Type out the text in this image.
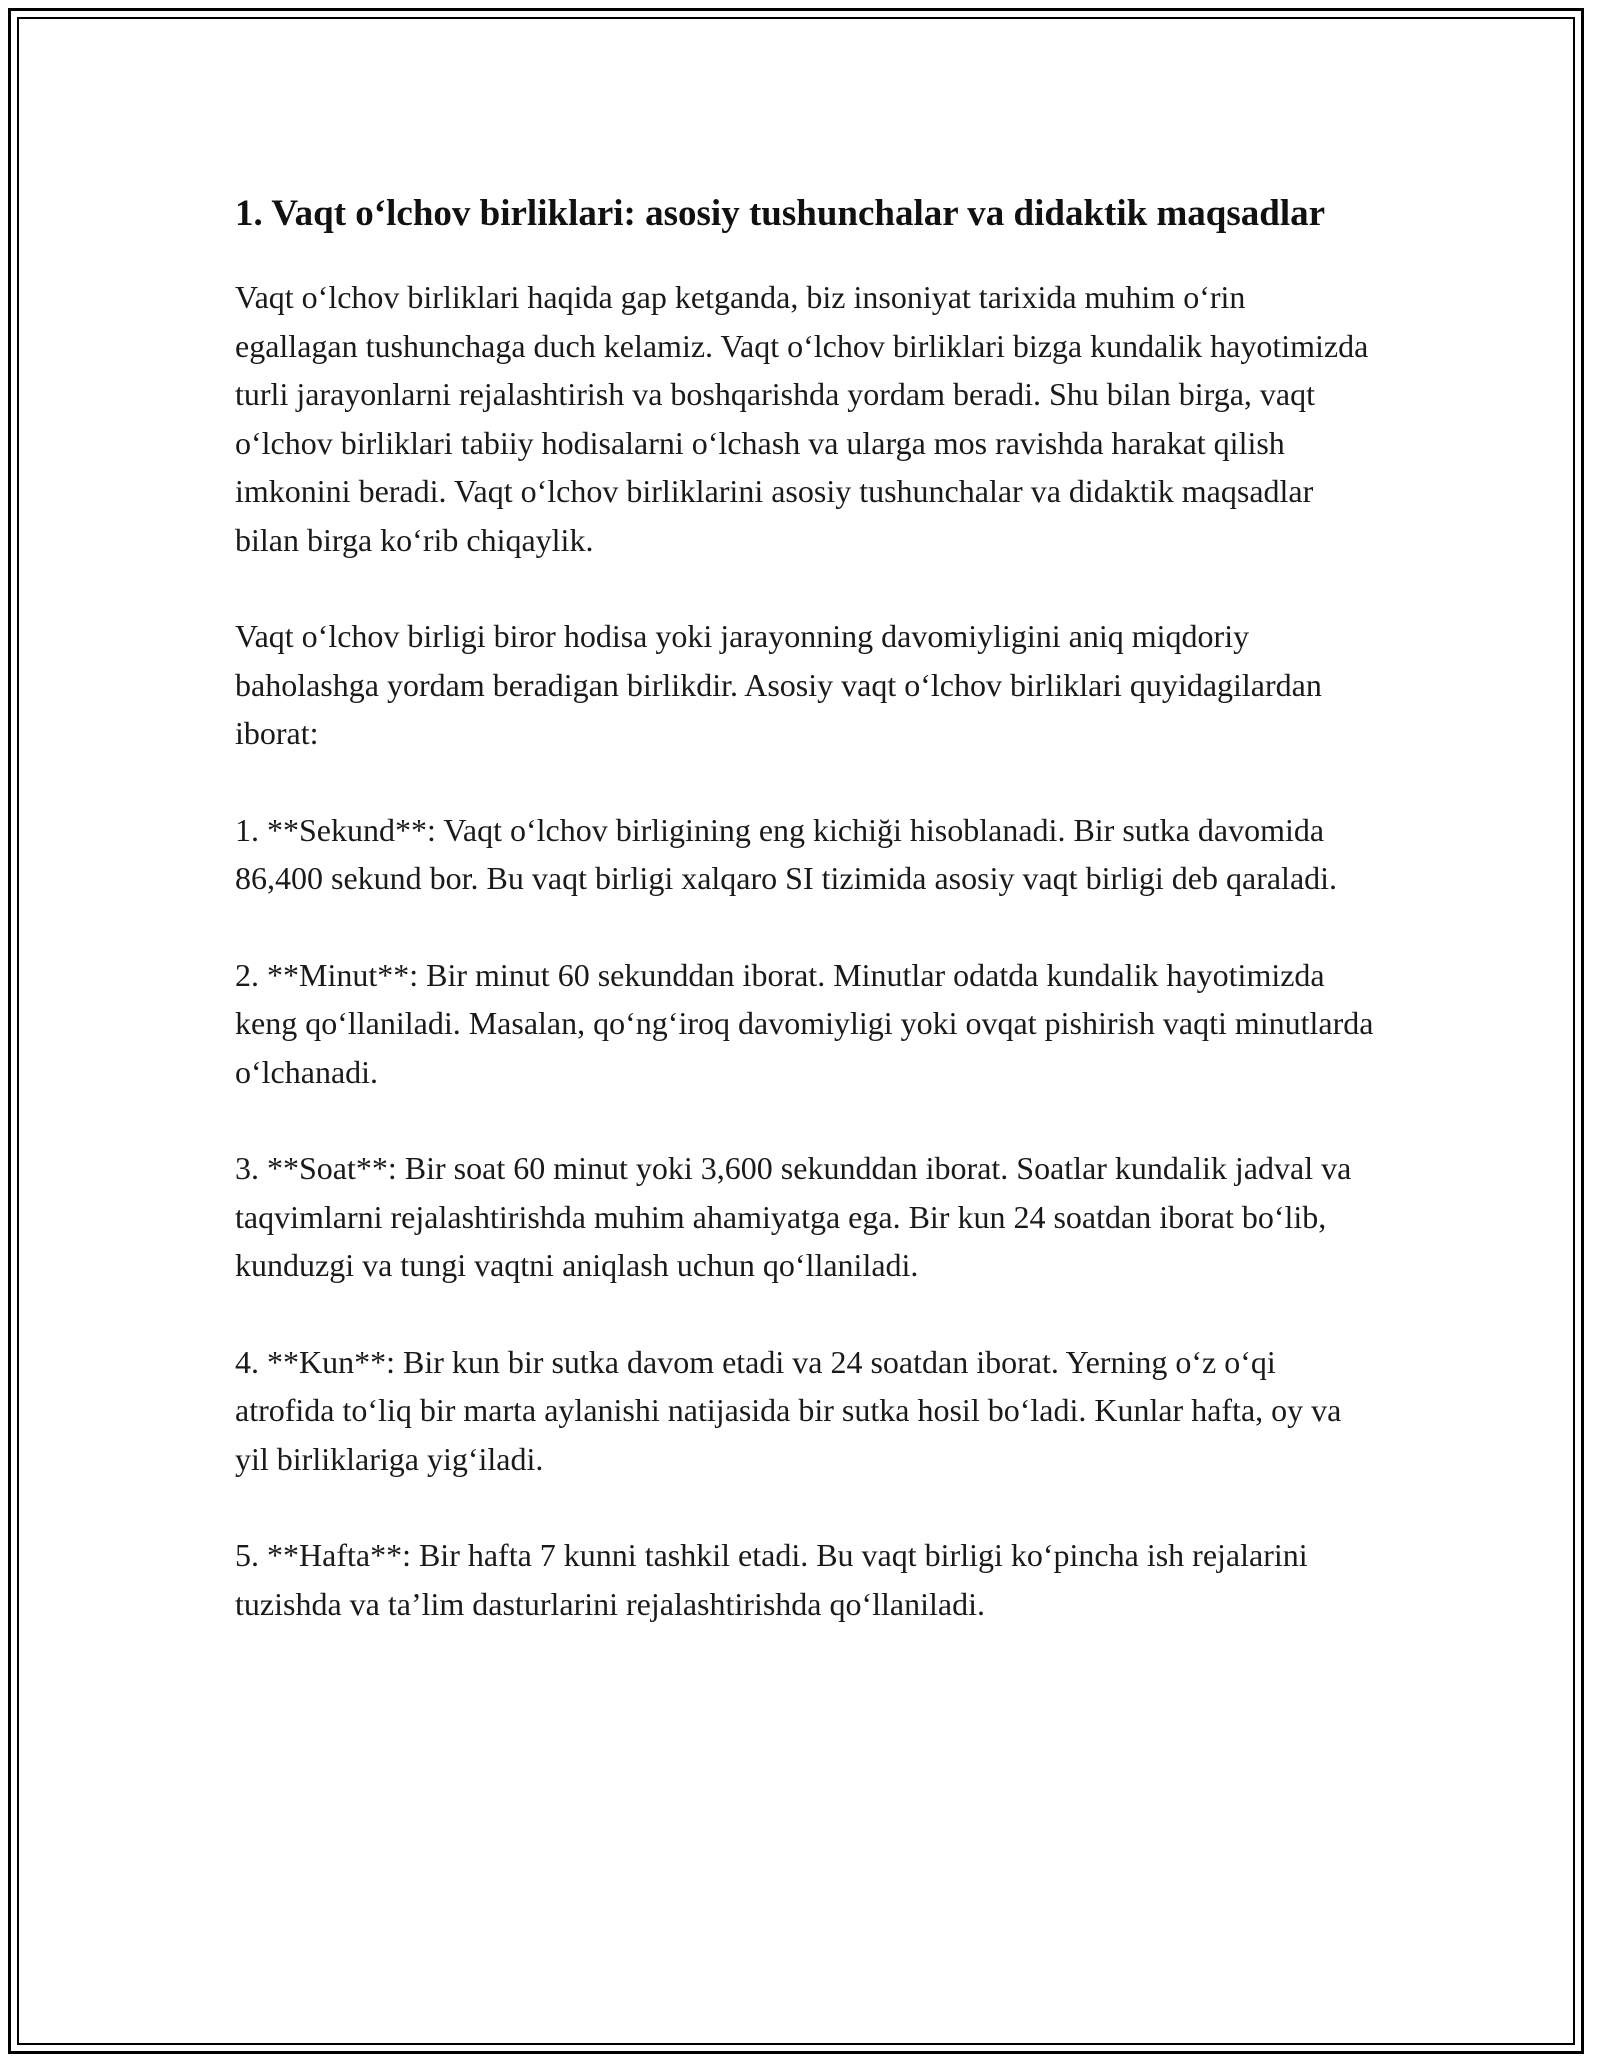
1. Vaqt o‘lchov birliklari: asosiy tushunchalar va didaktik maqsadlar

Vaqt o‘lchov birliklari haqida gap ketganda, biz insoniyat tarixida muhim o‘rin egallagan tushunchaga duch kelamiz. Vaqt o‘lchov birliklari bizga kundalik hayotimizda turli jarayonlarni rejalashtirish va boshqarishda yordam beradi. Shu bilan birga, vaqt o‘lchov birliklari tabiiy hodisalarni o‘lchash va ularga mos ravishda harakat qilish imkonini beradi. Vaqt o‘lchov birliklarini asosiy tushunchalar va didaktik maqsadlar bilan birga ko‘rib chiqaylik.

Vaqt o‘lchov birligi biror hodisa yoki jarayonning davomiyligini aniq miqdoriy baholashga yordam beradigan birlikdir. Asosiy vaqt o‘lchov birliklari quyidagilardan iborat:

1. **Sekund**: Vaqt o‘lchov birligining eng kichiği hisoblanadi. Bir sutka davomida 86,400 sekund bor. Bu vaqt birligi xalqaro SI tizimida asosiy vaqt birligi deb qaraladi.

2. **Minut**: Bir minut 60 sekunddan iborat. Minutlar odatda kundalik hayotimizda keng qo‘llaniladi. Masalan, qo‘ng‘iroq davomiyligi yoki ovqat pishirish vaqti minutlarda o‘lchanadi.

3. **Soat**: Bir soat 60 minut yoki 3,600 sekunddan iborat. Soatlar kundalik jadval va taqvimlarni rejalashtirishda muhim ahamiyatga ega. Bir kun 24 soatdan iborat bo‘lib, kunduzgi va tungi vaqtni aniqlash uchun qo‘llaniladi.

4. **Kun**: Bir kun bir sutka davom etadi va 24 soatdan iborat. Yerning o‘z o‘qi atrofida to‘liq bir marta aylanishi natijasida bir sutka hosil bo‘ladi. Kunlar hafta, oy va yil birliklariga yig‘iladi.

5. **Hafta**: Bir hafta 7 kunni tashkil etadi. Bu vaqt birligi ko‘pincha ish rejalarini tuzishda va ta’lim dasturlarini rejalashtirishda qo‘llaniladi.
